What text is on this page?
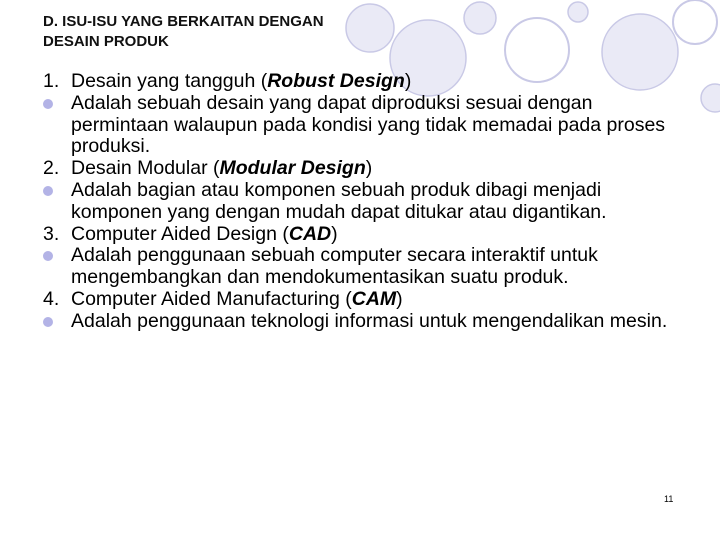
D. ISU-ISU YANG BERKAITAN DENGAN
DESAIN PRODUK
1. Desain yang tangguh (Robust Design)
Adalah sebuah desain yang dapat diproduksi sesuai dengan permintaan walaupun pada kondisi yang tidak memadai pada proses produksi.
2. Desain Modular (Modular Design)
Adalah bagian atau komponen sebuah produk dibagi menjadi komponen yang dengan mudah dapat ditukar atau digantikan.
3. Computer Aided Design (CAD)
Adalah penggunaan sebuah computer secara interaktif untuk mengembangkan dan mendokumentasikan suatu produk.
4. Computer Aided Manufacturing (CAM)
Adalah penggunaan teknologi informasi untuk mengendalikan mesin.
11
